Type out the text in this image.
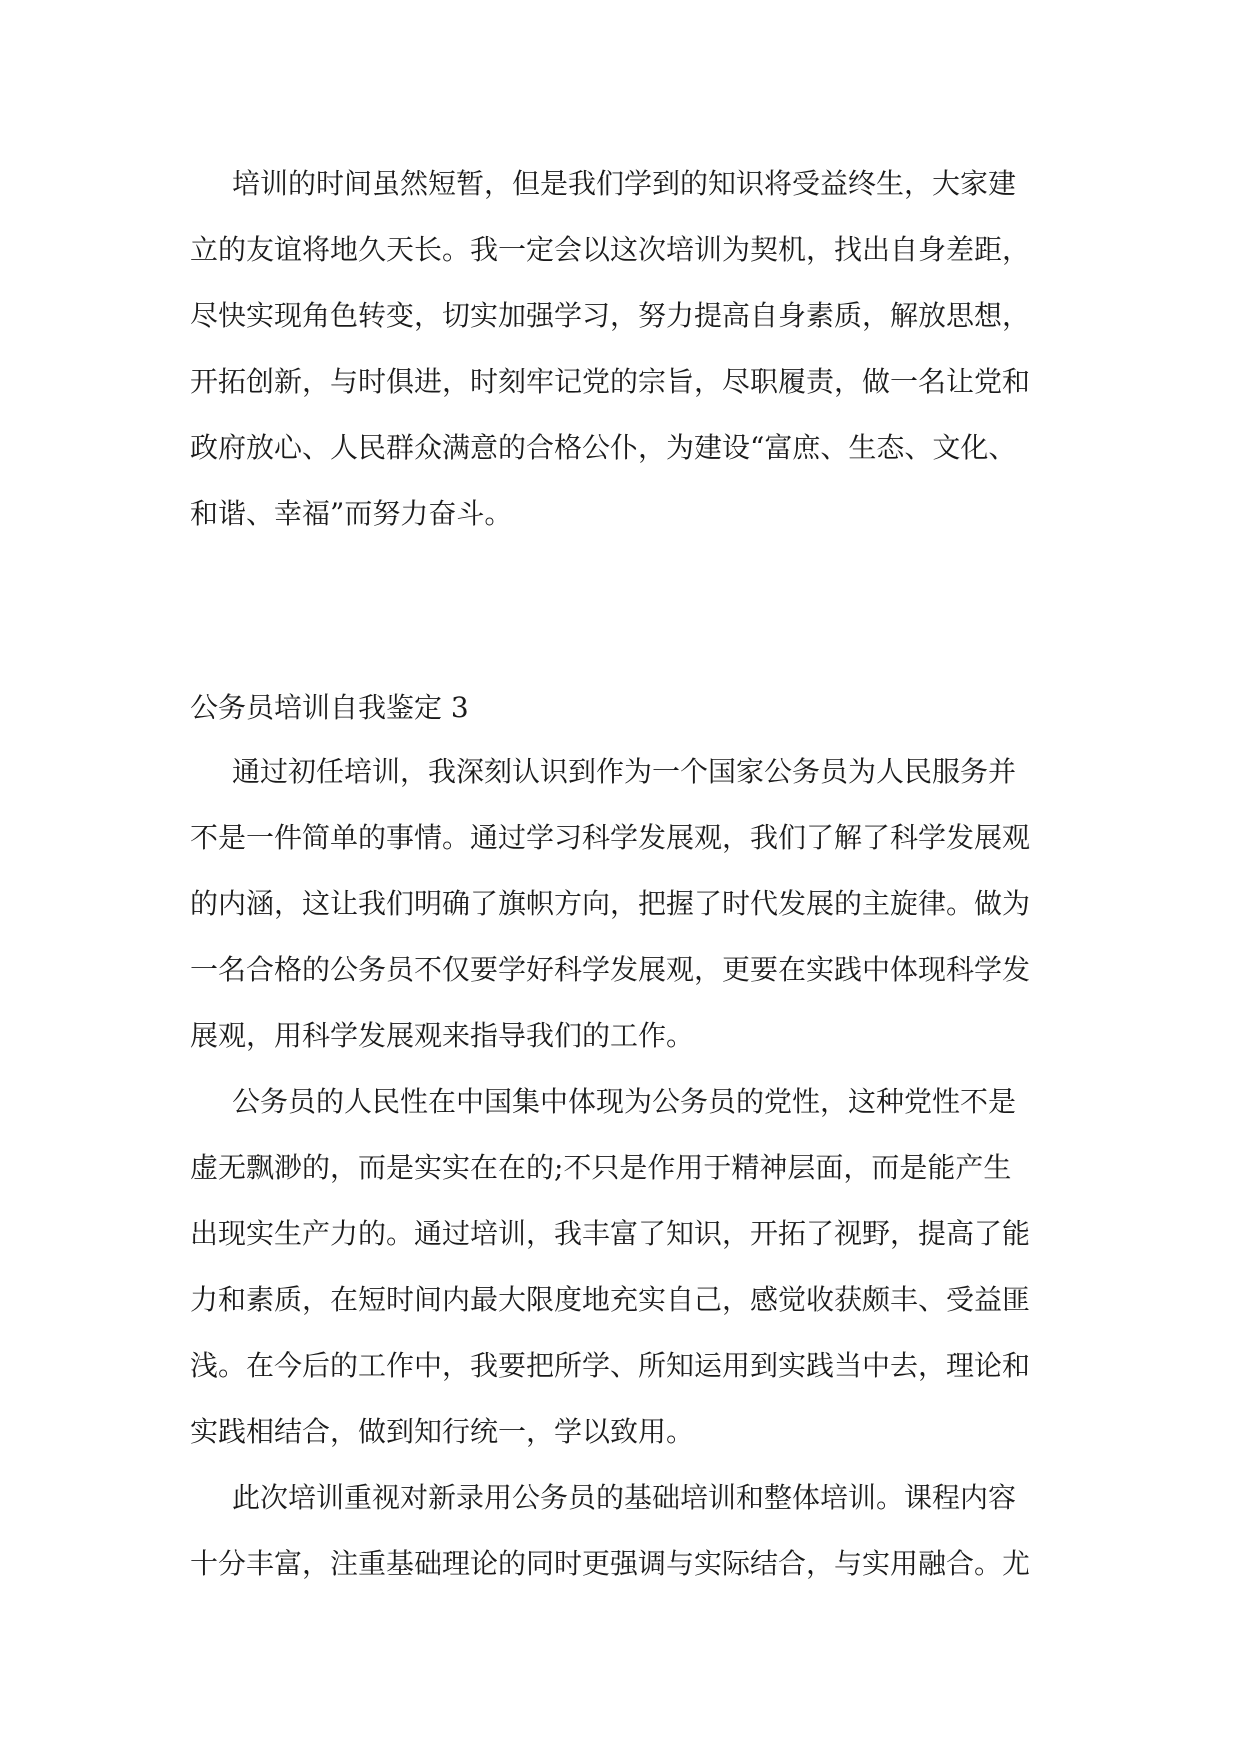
培训的时间虽然短暂，但是我们学到的知识将受益终生，大家建
立的友谊将地久天长。我一定会以这次培训为契机，找出自身差距，
尽快实现角色转变，切实加强学习，努力提高自身素质，解放思想，
开拓创新，与时俱进，时刻牢记党的宗旨，尽职履责，做一名让党和
政府放心、人民群众满意的合格公仆，为建设“富庶、生态、文化、
和谐、幸福”而努力奋斗。
公务员培训自我鉴定 3
通过初任培训，我深刻认识到作为一个国家公务员为人民服务并
不是一件简单的事情。通过学习科学发展观，我们了解了科学发展观
的内涵，这让我们明确了旗帜方向，把握了时代发展的主旋律。做为
一名合格的公务员不仅要学好科学发展观，更要在实践中体现科学发
展观，用科学发展观来指导我们的工作。
公务员的人民性在中国集中体现为公务员的党性，这种党性不是
虚无飘渺的，而是实实在在的;不只是作用于精神层面，而是能产生
出现实生产力的。通过培训，我丰富了知识，开拓了视野，提高了能
力和素质，在短时间内最大限度地充实自己，感觉收获颇丰、受益匪
浅。在今后的工作中，我要把所学、所知运用到实践当中去，理论和
实践相结合，做到知行统一，学以致用。
此次培训重视对新录用公务员的基础培训和整体培训。课程内容
十分丰富，注重基础理论的同时更强调与实际结合，与实用融合。尤
